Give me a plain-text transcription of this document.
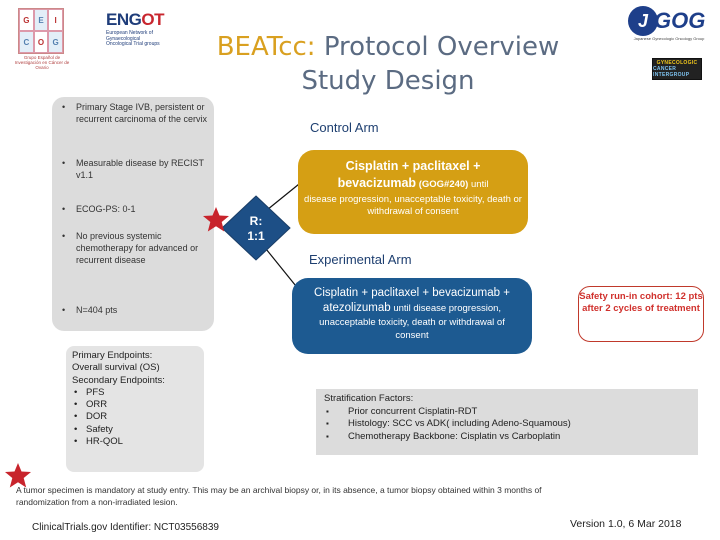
G	E	I
C	O	G
Grupo Español de Investigación en Cáncer de Ovario
ENGOT
European Network of Gynaecological Oncological Trial groups
J GOG
Japanese Gynecologic Oncology Group
GYNECOLOGIC
CANCER INTERGROUP
BEATcc: Protocol Overview
Study Design
• Primary Stage IVB, persistent or recurrent carcinoma of the cervix
• Measurable disease by RECIST v1.1
• ECOG-PS: 0-1
• No previous systemic chemotherapy for advanced or recurrent disease
• N=404 pts
R:
1:1
Control Arm
Cisplatin + paclitaxel +
bevacizumab (GOG#240) until
disease progression, unacceptable toxicity, death or withdrawal of consent
Experimental Arm
Cisplatin + paclitaxel + bevacizumab +
atezolizumab until disease progression,
unacceptable toxicity, death or withdrawal of consent
Safety run-in cohort: 12 pts after 2 cycles of treatment
Primary Endpoints:
Overall survival (OS)
Secondary Endpoints:
• PFS
• ORR
• DOR
• Safety
• HR-QOL
Stratification Factors:
▪ Prior concurrent Cisplatin-RDT
▪ Histology: SCC vs ADK( including Adeno-Squamous)
▪ Chemotherapy Backbone: Cisplatin vs Carboplatin
A tumor specimen is mandatory at study entry. This may be an archival biopsy or, in its absence, a tumor biopsy obtained within 3 months of randomization from a non-irradiated lesion.
ClinicalTrials.gov Identifier: NCT03556839	Version 1.0, 6 Mar 2018
